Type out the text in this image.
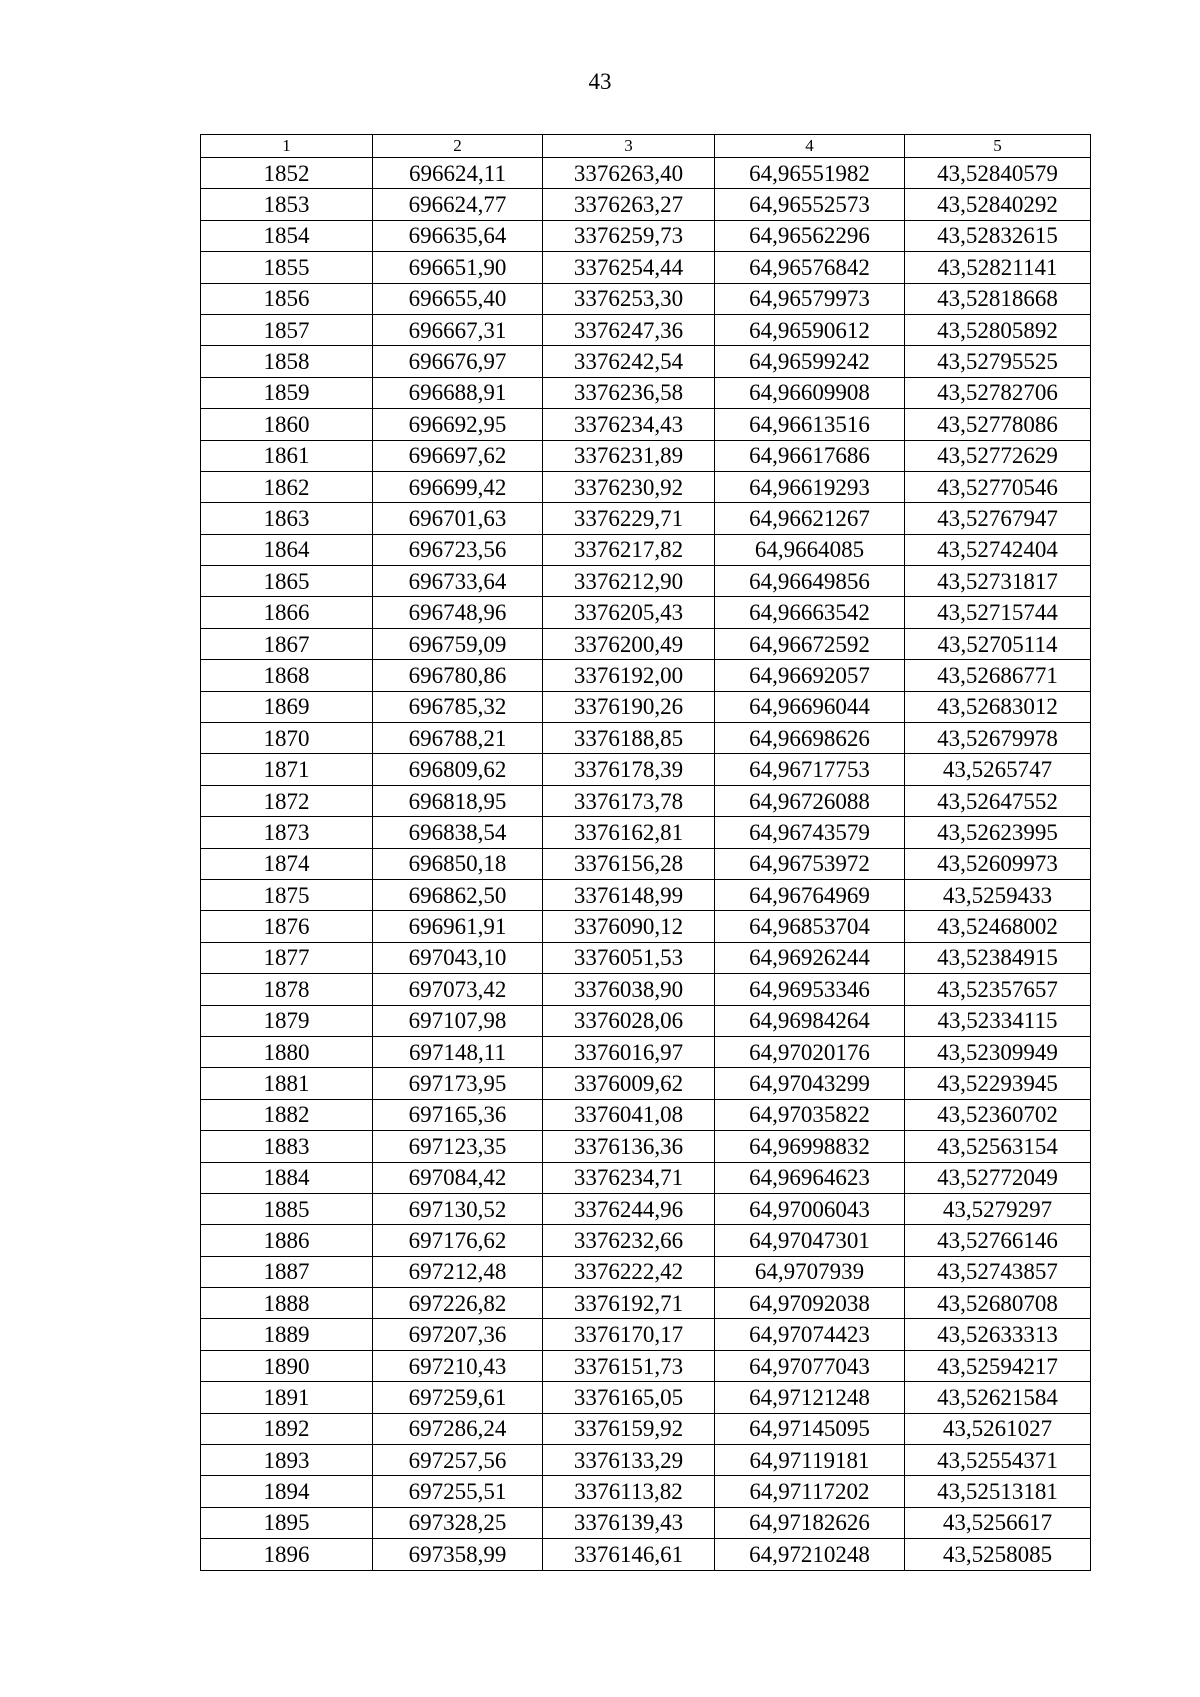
43
1	2	3	4	5
1852	696624,11	3376263,40	64,96551982	43,52840579
1853	696624,77	3376263,27	64,96552573	43,52840292
1854	696635,64	3376259,73	64,96562296	43,52832615
1855	696651,90	3376254,44	64,96576842	43,52821141
1856	696655,40	3376253,30	64,96579973	43,52818668
1857	696667,31	3376247,36	64,96590612	43,52805892
1858	696676,97	3376242,54	64,96599242	43,52795525
1859	696688,91	3376236,58	64,96609908	43,52782706
1860	696692,95	3376234,43	64,96613516	43,52778086
1861	696697,62	3376231,89	64,96617686	43,52772629
1862	696699,42	3376230,92	64,96619293	43,52770546
1863	696701,63	3376229,71	64,96621267	43,52767947
1864	696723,56	3376217,82	64,9664085	43,52742404
1865	696733,64	3376212,90	64,96649856	43,52731817
1866	696748,96	3376205,43	64,96663542	43,52715744
1867	696759,09	3376200,49	64,96672592	43,52705114
1868	696780,86	3376192,00	64,96692057	43,52686771
1869	696785,32	3376190,26	64,96696044	43,52683012
1870	696788,21	3376188,85	64,96698626	43,52679978
1871	696809,62	3376178,39	64,96717753	43,5265747
1872	696818,95	3376173,78	64,96726088	43,52647552
1873	696838,54	3376162,81	64,96743579	43,52623995
1874	696850,18	3376156,28	64,96753972	43,52609973
1875	696862,50	3376148,99	64,96764969	43,5259433
1876	696961,91	3376090,12	64,96853704	43,52468002
1877	697043,10	3376051,53	64,96926244	43,52384915
1878	697073,42	3376038,90	64,96953346	43,52357657
1879	697107,98	3376028,06	64,96984264	43,52334115
1880	697148,11	3376016,97	64,97020176	43,52309949
1881	697173,95	3376009,62	64,97043299	43,52293945
1882	697165,36	3376041,08	64,97035822	43,52360702
1883	697123,35	3376136,36	64,96998832	43,52563154
1884	697084,42	3376234,71	64,96964623	43,52772049
1885	697130,52	3376244,96	64,97006043	43,5279297
1886	697176,62	3376232,66	64,97047301	43,52766146
1887	697212,48	3376222,42	64,9707939	43,52743857
1888	697226,82	3376192,71	64,97092038	43,52680708
1889	697207,36	3376170,17	64,97074423	43,52633313
1890	697210,43	3376151,73	64,97077043	43,52594217
1891	697259,61	3376165,05	64,97121248	43,52621584
1892	697286,24	3376159,92	64,97145095	43,5261027
1893	697257,56	3376133,29	64,97119181	43,52554371
1894	697255,51	3376113,82	64,97117202	43,52513181
1895	697328,25	3376139,43	64,97182626	43,5256617
1896	697358,99	3376146,61	64,97210248	43,5258085
